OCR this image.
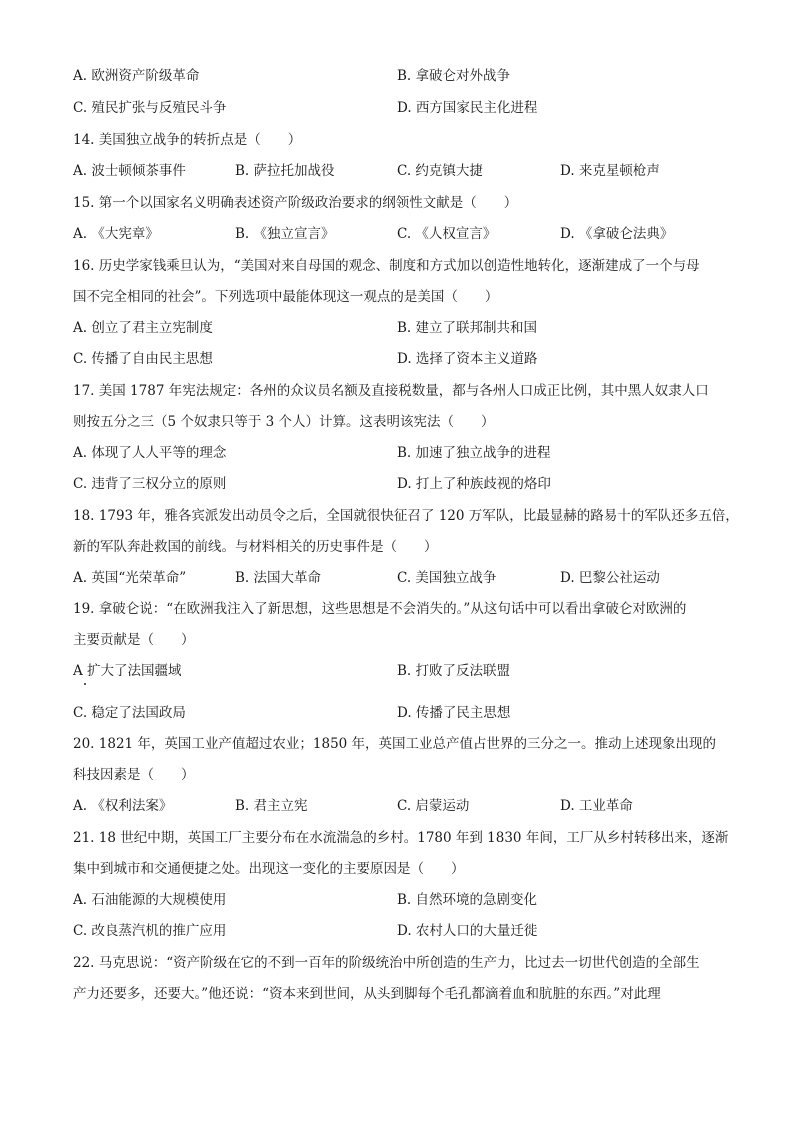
A. 欧洲资产阶级革命	B. 拿破仑对外战争
C. 殖民扩张与反殖民斗争	D. 西方国家民主化进程
14. 美国独立战争的转折点是（　　）
A. 波士顿倾茶事件	B. 萨拉托加战役	C. 约克镇大捷	D. 来克星顿枪声
15. 第一个以国家名义明确表述资产阶级政治要求的纲领性文献是（　　）
A. 《大宪章》	B. 《独立宣言》	C. 《人权宣言》	D. 《拿破仑法典》
16. 历史学家钱乘旦认为，“美国对来自母国的观念、制度和方式加以创造性地转化，逐渐建成了一个与母
国不完全相同的社会”。下列选项中最能体现这一观点的是美国（　　）
A. 创立了君主立宪制度	B. 建立了联邦制共和国
C. 传播了自由民主思想	D. 选择了资本主义道路
17. 美国 1787 年宪法规定：各州的众议员名额及直接税数量，都与各州人口成正比例，其中黑人奴隶人口
则按五分之三（5 个奴隶只等于 3 个人）计算。这表明该宪法（　　）
A. 体现了人人平等的理念	B. 加速了独立战争的进程
C. 违背了三权分立的原则	D. 打上了种族歧视的烙印
18. 1793 年，雅各宾派发出动员令之后，全国就很快征召了 120 万军队，比最显赫的路易十的军队还多五倍，
新的军队奔赴救国的前线。与材料相关的历史事件是（　　）
A. 英国“光荣革命”	B. 法国大革命	C. 美国独立战争	D. 巴黎公社运动
19. 拿破仑说：“在欧洲我注入了新思想，这些思想是不会消失的。”从这句话中可以看出拿破仑对欧洲的
主要贡献是（　　）
A 扩大了法国疆域	B. 打败了反法联盟
C. 稳定了法国政局	D. 传播了民主思想
20. 1821 年，英国工业产值超过农业；1850 年，英国工业总产值占世界的三分之一。推动上述现象出现的
科技因素是（　　）
A. 《权利法案》	B. 君主立宪	C. 启蒙运动	D. 工业革命
21. 18 世纪中期，英国工厂主要分布在水流湍急的乡村。1780 年到 1830 年间，工厂从乡村转移出来，逐渐
集中到城市和交通便捷之处。出现这一变化的主要原因是（　　）
A. 石油能源的大规模使用	B. 自然环境的急剧变化
C. 改良蒸汽机的推广应用	D. 农村人口的大量迁徙
22. 马克思说：“资产阶级在它的不到一百年的阶级统治中所创造的生产力，比过去一切世代创造的全部生
产力还要多，还要大。”他还说：“资本来到世间，从头到脚每个毛孔都滴着血和肮脏的东西。”对此理
